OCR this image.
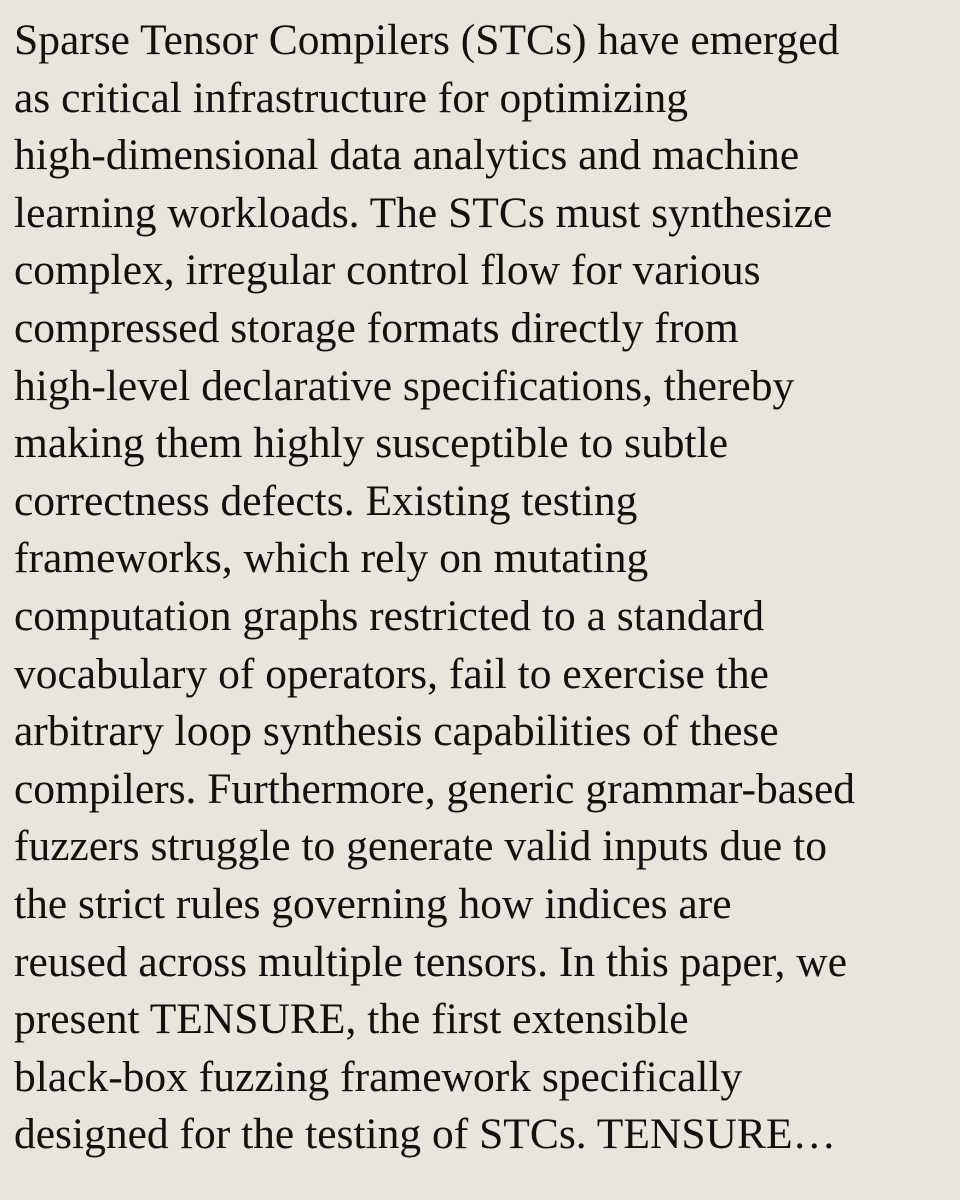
Sparse Tensor Compilers (STCs) have emerged
as critical infrastructure for optimizing
high-dimensional data analytics and machine
learning workloads. The STCs must synthesize
complex, irregular control flow for various
compressed storage formats directly from
high-level declarative specifications, thereby
making them highly susceptible to subtle
correctness defects. Existing testing
frameworks, which rely on mutating
computation graphs restricted to a standard
vocabulary of operators, fail to exercise the
arbitrary loop synthesis capabilities of these
compilers. Furthermore, generic grammar-based
fuzzers struggle to generate valid inputs due to
the strict rules governing how indices are
reused across multiple tensors. In this paper, we
present TENSURE, the first extensible
black-box fuzzing framework specifically
designed for the testing of STCs. TENSURE…
